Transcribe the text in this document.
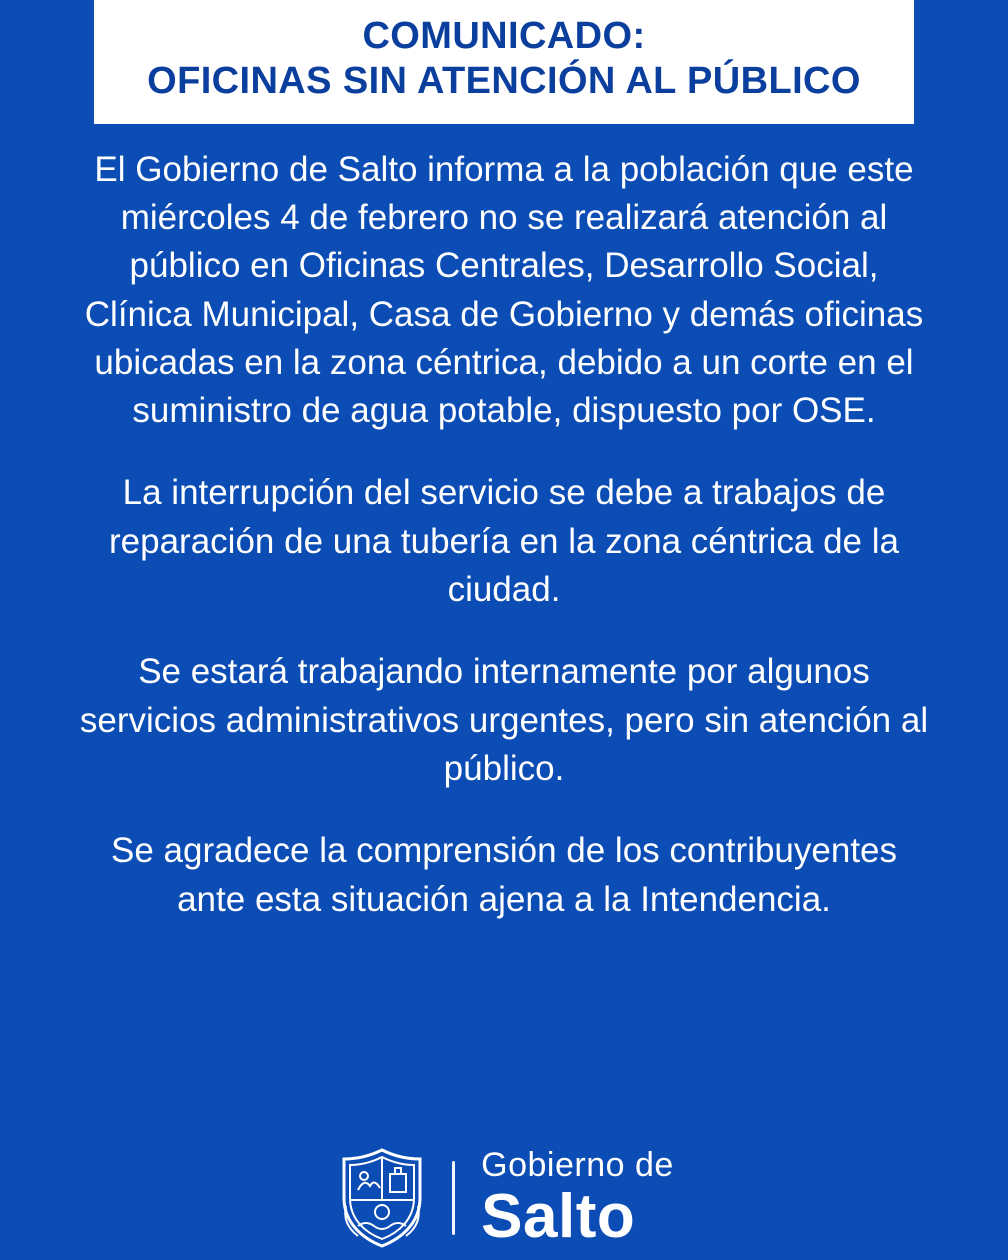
COMUNICADO:
OFICINAS SIN ATENCIÓN AL PÚBLICO

El Gobierno de Salto informa a la población que este miércoles 4 de febrero no se realizará atención al público en Oficinas Centrales, Desarrollo Social, Clínica Municipal, Casa de Gobierno y demás oficinas ubicadas en la zona céntrica, debido a un corte en el suministro de agua potable, dispuesto por OSE.

La interrupción del servicio se debe a trabajos de reparación de una tubería en la zona céntrica de la ciudad.

Se estará trabajando internamente por algunos servicios administrativos urgentes, pero sin atención al público.

Se agradece la comprensión de los contribuyentes ante esta situación ajena a la Intendencia.

Gobierno de
Salto
